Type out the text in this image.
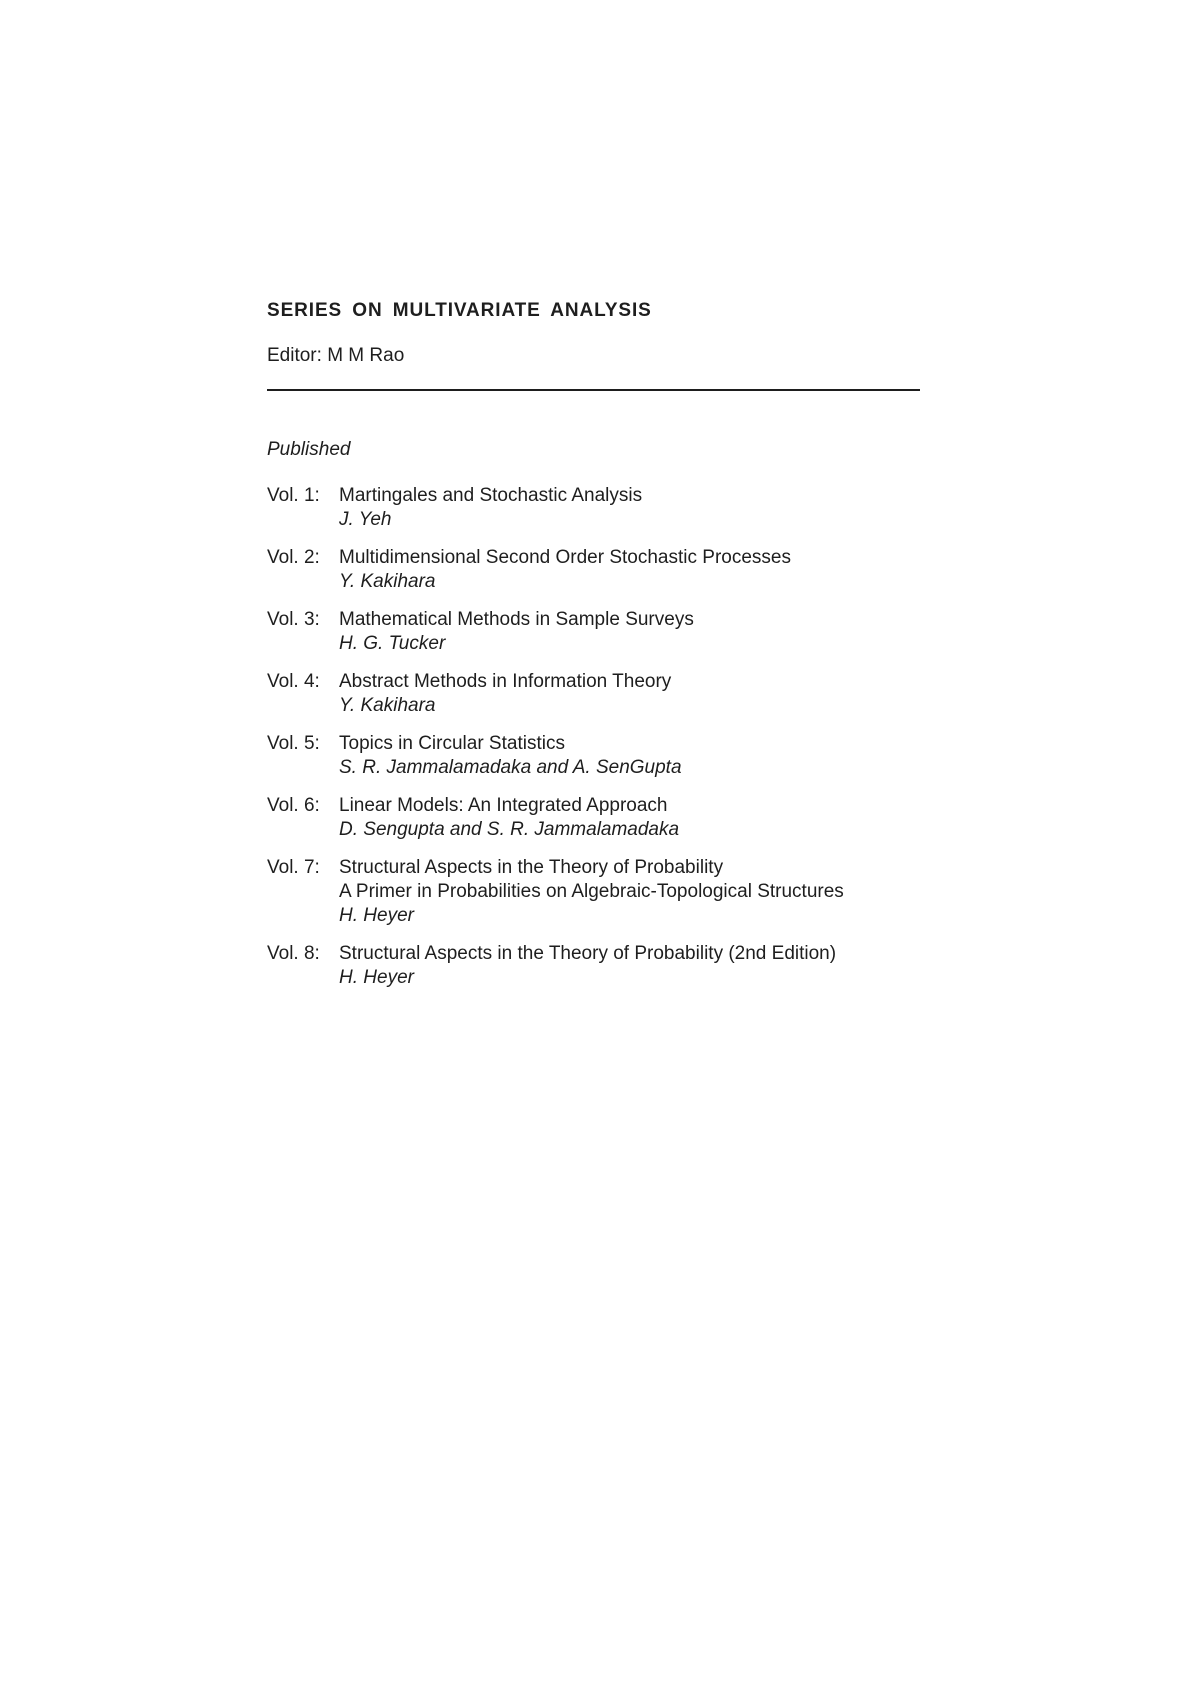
SERIES ON MULTIVARIATE ANALYSIS
Editor: M M Rao
Published
Vol. 1:	Martingales and Stochastic Analysis
J. Yeh
Vol. 2:	Multidimensional Second Order Stochastic Processes
Y. Kakihara
Vol. 3:	Mathematical Methods in Sample Surveys
H. G. Tucker
Vol. 4:	Abstract Methods in Information Theory
Y. Kakihara
Vol. 5:	Topics in Circular Statistics
S. R. Jammalamadaka and A. SenGupta
Vol. 6:	Linear Models: An Integrated Approach
D. Sengupta and S. R. Jammalamadaka
Vol. 7:	Structural Aspects in the Theory of Probability
A Primer in Probabilities on Algebraic-Topological Structures
H. Heyer
Vol. 8:	Structural Aspects in the Theory of Probability (2nd Edition)
H. Heyer
